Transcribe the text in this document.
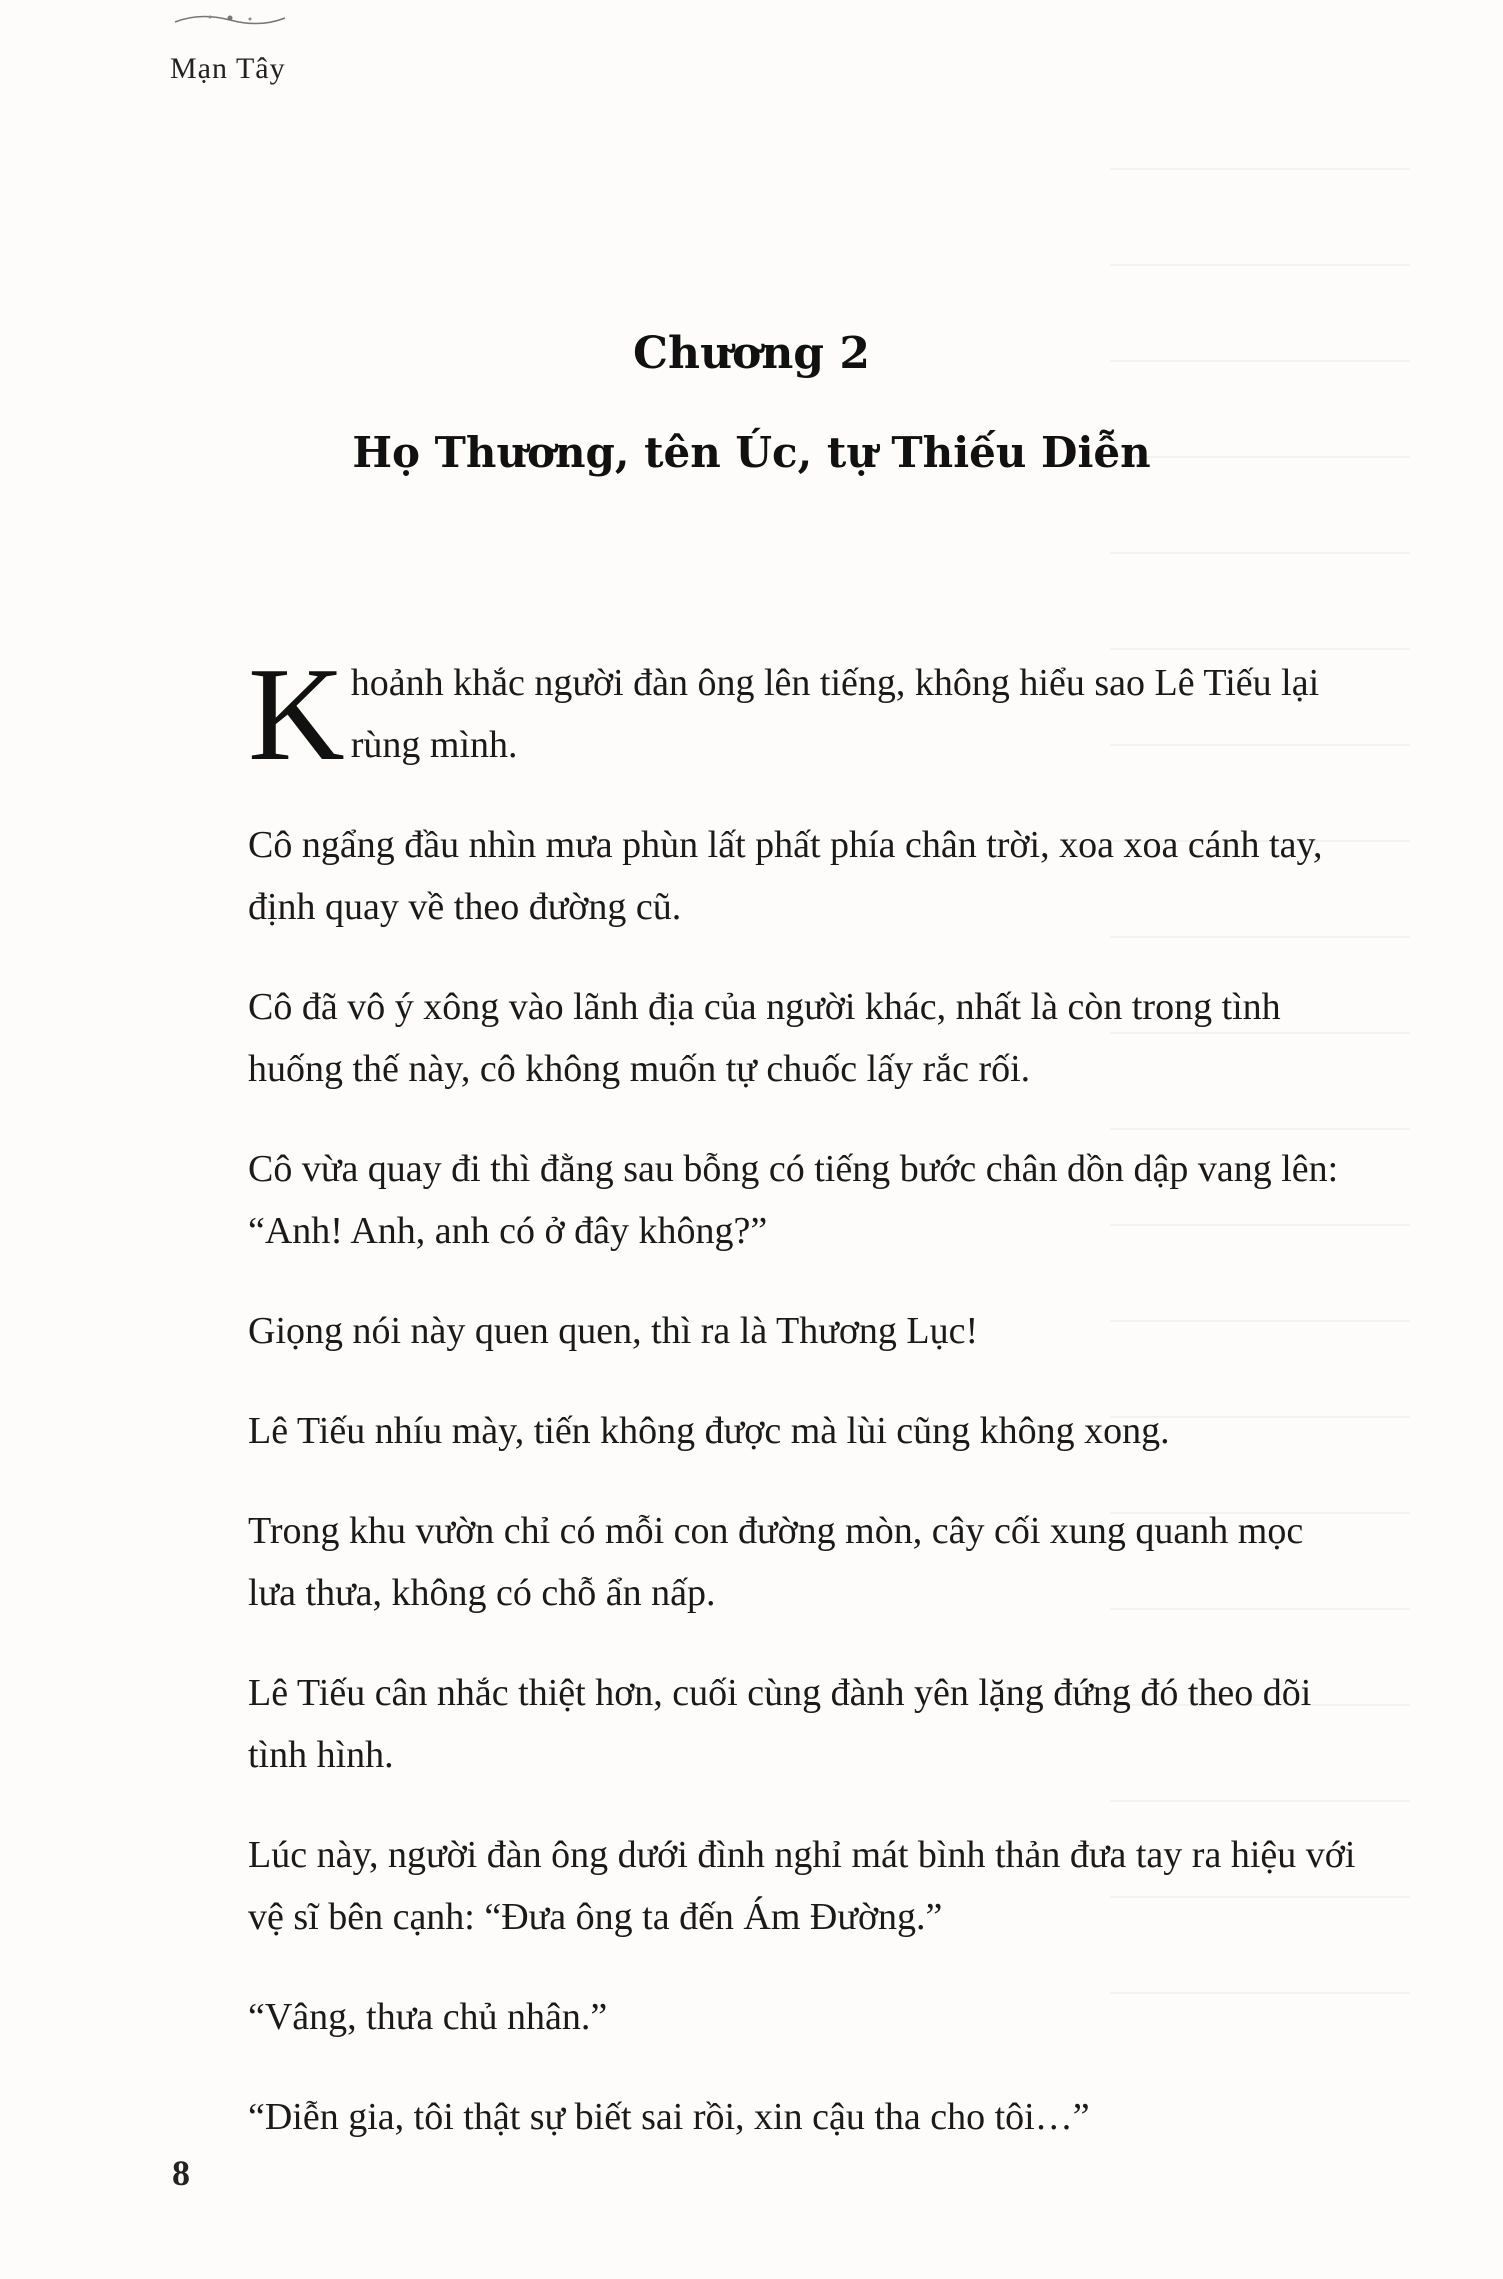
Mạn Tây
Chương 2
Họ Thương, tên Úc, tự Thiếu Diễn

Khoảnh khắc người đàn ông lên tiếng, không hiểu sao Lê Tiếu lại rùng mình.

Cô ngẩng đầu nhìn mưa phùn lất phất phía chân trời, xoa xoa cánh tay, định quay về theo đường cũ.

Cô đã vô ý xông vào lãnh địa của người khác, nhất là còn trong tình huống thế này, cô không muốn tự chuốc lấy rắc rối.

Cô vừa quay đi thì đằng sau bỗng có tiếng bước chân dồn dập vang lên: “Anh! Anh, anh có ở đây không?”

Giọng nói này quen quen, thì ra là Thương Lục!

Lê Tiếu nhíu mày, tiến không được mà lùi cũng không xong.

Trong khu vườn chỉ có mỗi con đường mòn, cây cối xung quanh mọc lưa thưa, không có chỗ ẩn nấp.

Lê Tiếu cân nhắc thiệt hơn, cuối cùng đành yên lặng đứng đó theo dõi tình hình.

Lúc này, người đàn ông dưới đình nghỉ mát bình thản đưa tay ra hiệu với vệ sĩ bên cạnh: “Đưa ông ta đến Ám Đường.”

“Vâng, thưa chủ nhân.”

“Diễn gia, tôi thật sự biết sai rồi, xin cậu tha cho tôi…”

8
